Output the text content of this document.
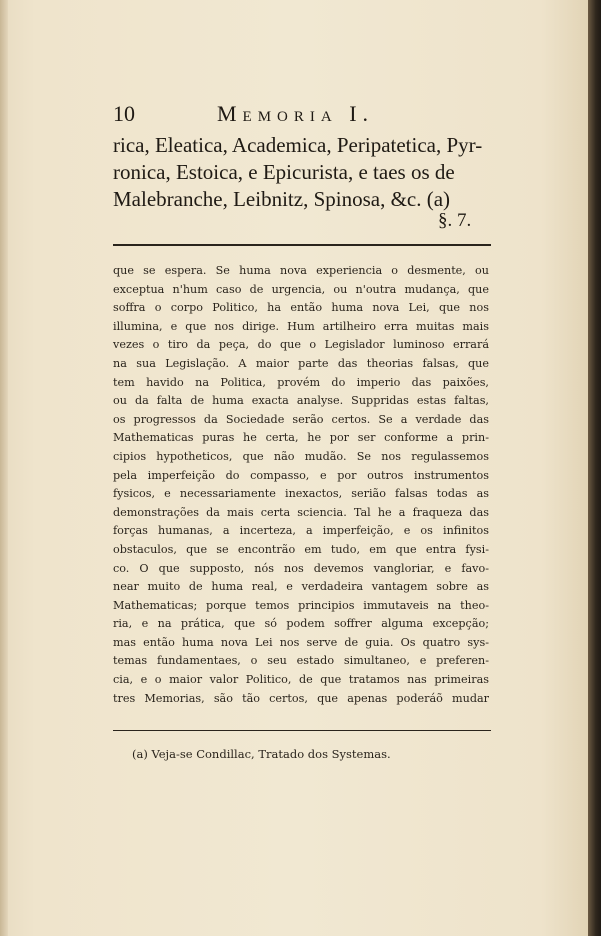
10	Memoria I.
rica, Eleatica, Academica, Peripatetica, Pyr-
ronica, Estoica, e Epicurista, e taes os de
Malebranche, Leibnitz, Spinosa, &c. (a)
§. 7.
que se espera. Se huma nova experiencia o desmente, ou
exceptua n'hum caso de urgencia, ou n'outra mudança, que
soffra o corpo Politico, ha então huma nova Lei, que nos
illumina, e que nos dirige. Hum artilheiro erra muitas mais
vezes o tiro da peça, do que o Legislador luminoso errará
na sua Legislação. A maior parte das theorias falsas, que
tem havido na Politica, provém do imperio das paixões,
ou da falta de huma exacta analyse. Suppridas estas faltas,
os progressos da Sociedade serão certos. Se a verdade das
Mathematicas puras he certa, he por ser conforme a prin-
cipios hypotheticos, que não mudão. Se nos regulassemos
pela imperfeição do compasso, e por outros instrumentos
fysicos, e necessariamente inexactos, serião falsas todas as
demonstrações da mais certa sciencia. Tal he a fraqueza das
forças humanas, a incerteza, a imperfeição, e os infinitos
obstaculos, que se encontrão em tudo, em que entra fysi-
co. O que supposto, nós nos devemos vangloriar, e favo-
near muito de huma real, e verdadeira vantagem sobre as
Mathematicas; porque temos principios immutaveis na theo-
ria, e na prática, que só podem soffrer alguma excepção;
mas então huma nova Lei nos serve de guia. Os quatro sys-
temas fundamentaes, o seu estado simultaneo, e preferen-
cia, e o maior valor Politico, de que tratamos nas primeiras
tres Memorias, são tão certos, que apenas poderáõ mudar
(a) Veja-se Condillac, Tratado dos Systemas.
